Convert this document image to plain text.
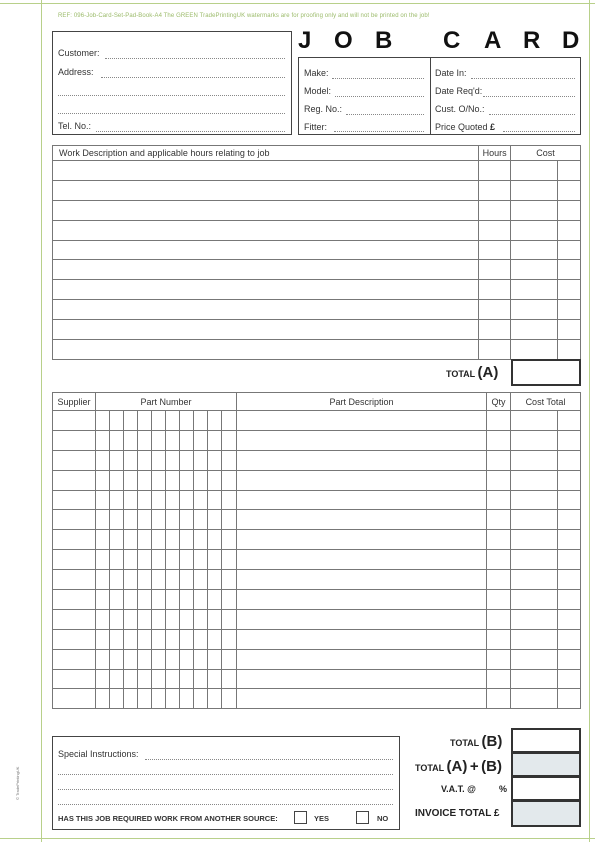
REF: 096-Job-Card-Set-Pad-Book-A4 The GREEN TradePrintingUK watermarks are for proofing only and will not be printed on the job!
Customer:
Address:
Tel. No.:
J O B C A R D
Make:
Model:
Reg. No.:
Fitter:
Date In:
Date Req'd:
Cust. O/No.:
Price Quoted £
Work Description and applicable hours relating to job	Hours	Cost	

TOTAL (A)
Supplier	Part Number										Part Description	Qty	Cost Total	

Special Instructions:
HAS THIS JOB REQUIRED WORK FROM ANOTHER SOURCE:	YES	NO
© TradePrintingUK
TOTAL (B)
TOTAL (A) + (B)
V.A.T. @	%
INVOICE TOTAL £
